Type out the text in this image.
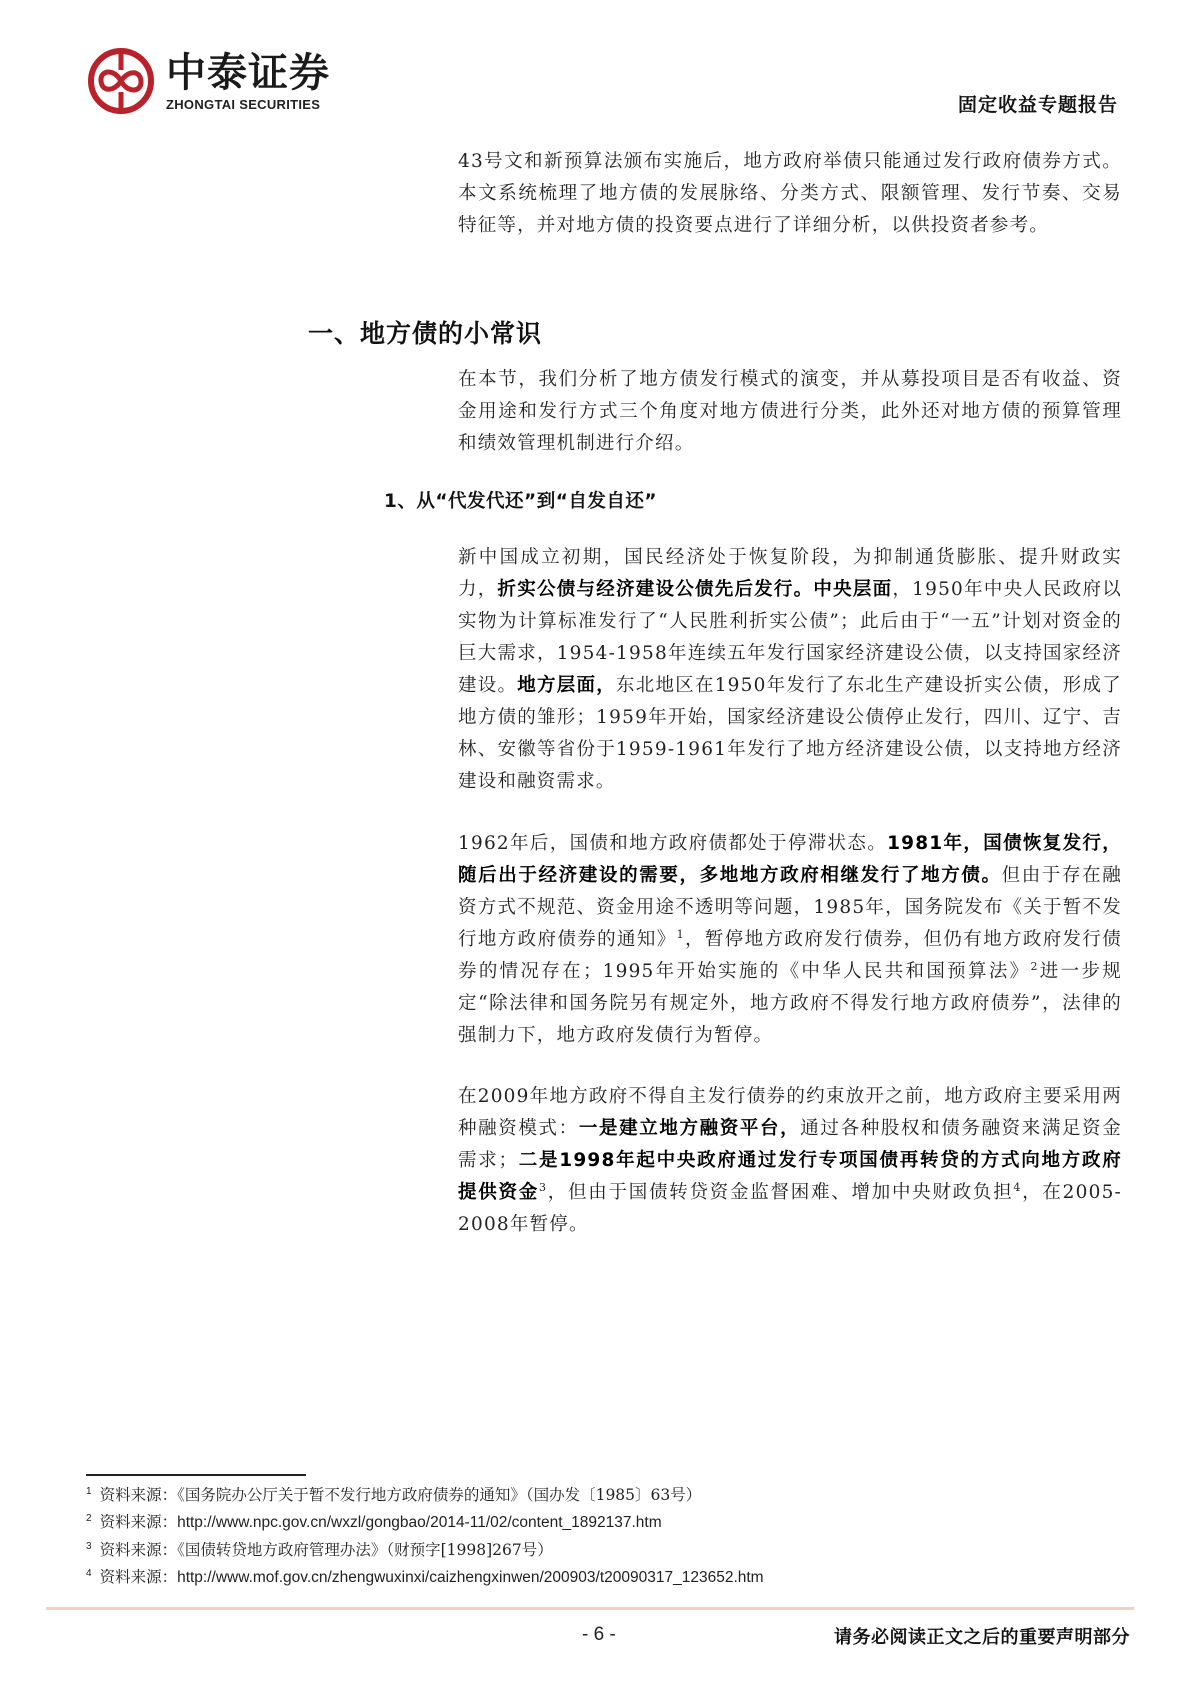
中泰证券
ZHONGTAI SECURITIES	固定收益专题报告
43号文和新预算法颁布实施后，地方政府举债只能通过发行政府债券方式。本文系统梳理了地方债的发展脉络、分类方式、限额管理、发行节奏、交易特征等，并对地方债的投资要点进行了详细分析，以供投资者参考。
一、地方债的小常识
在本节，我们分析了地方债发行模式的演变，并从募投项目是否有收益、资金用途和发行方式三个角度对地方债进行分类，此外还对地方债的预算管理和绩效管理机制进行介绍。
1、从“代发代还”到“自发自还”
新中国成立初期，国民经济处于恢复阶段，为抑制通货膨胀、提升财政实力，折实公债与经济建设公债先后发行。中央层面，1950年中央人民政府以实物为计算标准发行了“人民胜利折实公债”；此后由于“一五”计划对资金的巨大需求，1954-1958年连续五年发行国家经济建设公债，以支持国家经济建设。地方层面，东北地区在1950年发行了东北生产建设折实公债，形成了地方债的雏形；1959年开始，国家经济建设公债停止发行，四川、辽宁、吉林、安徽等省份于1959-1961年发行了地方经济建设公债，以支持地方经济建设和融资需求。
1962年后，国债和地方政府债都处于停滞状态。1981年，国债恢复发行，随后出于经济建设的需要，多地地方政府相继发行了地方债。但由于存在融资方式不规范、资金用途不透明等问题，1985年，国务院发布《关于暂不发行地方政府债券的通知》$^1$，暂停地方政府发行债券，但仍有地方政府发行债券的情况存在；1995年开始实施的《中华人民共和国预算法》$^2$进一步规定“除法律和国务院另有规定外，地方政府不得发行地方政府债券”，法律的强制力下，地方政府发债行为暂停。
在2009年地方政府不得自主发行债券的约束放开之前，地方政府主要采用两种融资模式：一是建立地方融资平台，通过各种股权和债务融资来满足资金需求；二是1998年起中央政府通过发行专项国债再转贷的方式向地方政府提供资金$^3$，但由于国债转贷资金监督困难、增加中央财政负担$^4$，在2005-2008年暂停。
$^1$ 资料来源：《国务院办公厅关于暂不发行地方政府债券的通知》（国办发〔1985〕63号）
$^2$ 资料来源：http://www.npc.gov.cn/wxzl/gongbao/2014-11/02/content_1892137.htm
$^3$ 资料来源：《国债转贷地方政府管理办法》（财预字[1998]267号）
$^4$ 资料来源：http://www.mof.gov.cn/zhengwuxinxi/caizhengxinwen/200903/t20090317_123652.htm
- 6 -	请务必阅读正文之后的重要声明部分
